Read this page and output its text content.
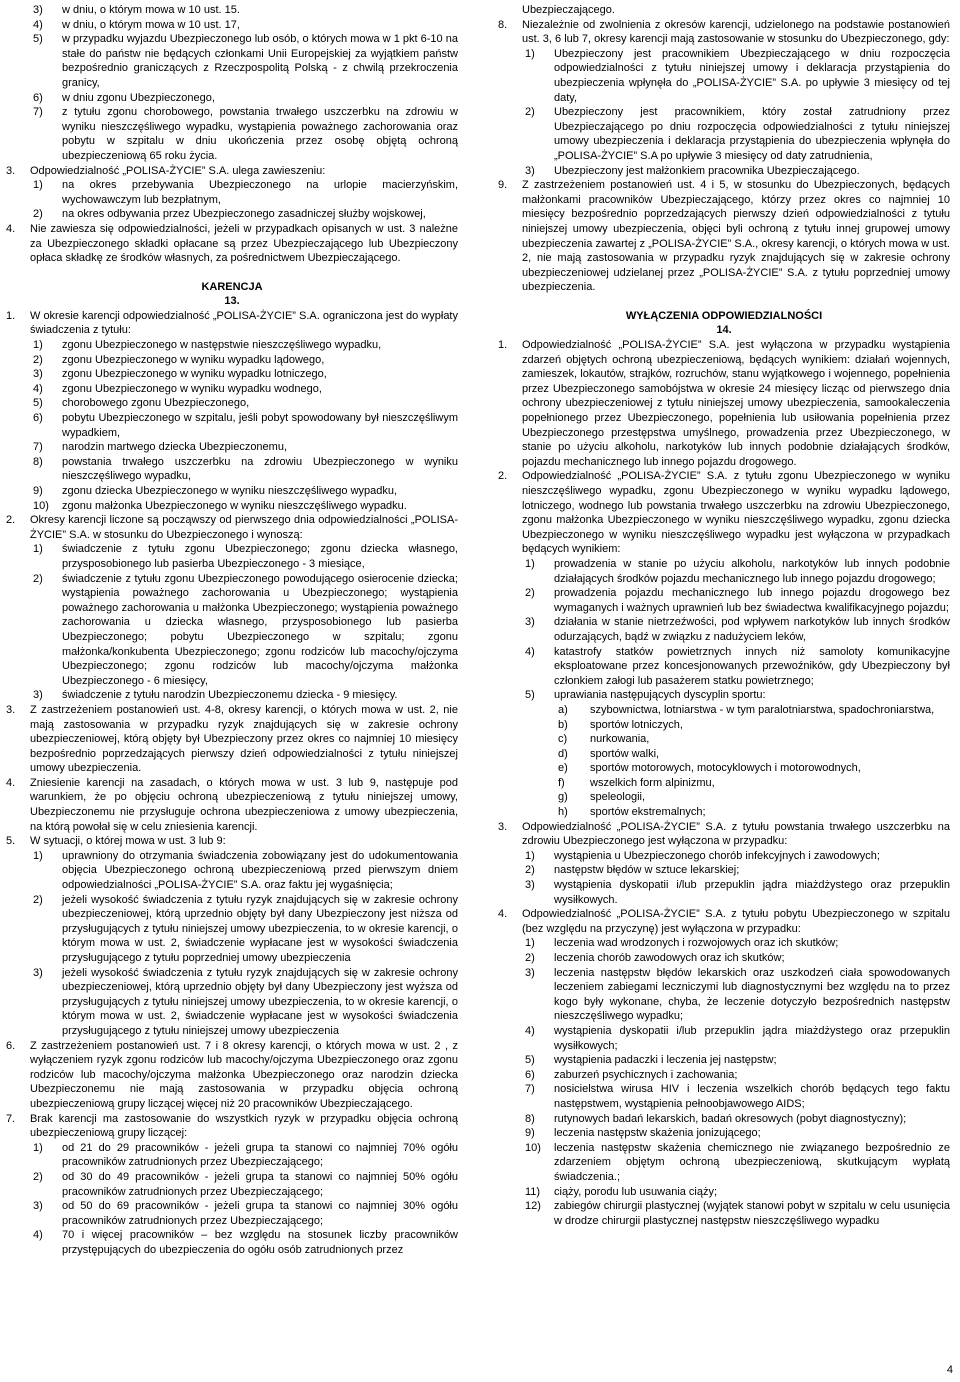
3) w dniu, o którym mowa w 10 ust. 15.
4) w dniu, o którym mowa w 10 ust. 17,
5) w przypadku wyjazdu Ubezpieczonego lub osób, o których mowa w 1 pkt 6-10 na stałe do państw nie będących członkami Unii Europejskiej za wyjątkiem państw bezpośrednio graniczących z Rzeczpospolitą Polską - z chwilą przekroczenia granicy,
6) w dniu zgonu Ubezpieczonego,
7) z tytułu zgonu chorobowego, powstania trwałego uszczerbku na zdrowiu w wyniku nieszczęśliwego wypadku, wystąpienia poważnego zachorowania oraz pobytu w szpitalu w dniu ukończenia przez osobę objętą ochroną ubezpieczeniową 65 roku życia.
3. Odpowiedzialność „POLISA-ŻYCIE” S.A. ulega zawieszeniu:
1) na okres przebywania Ubezpieczonego na urlopie macierzyńskim, wychowawczym lub bezpłatnym,
2) na okres odbywania przez Ubezpieczonego zasadniczej służby wojskowej,
4. Nie zawiesza się odpowiedzialności, jeżeli w przypadkach opisanych w ust. 3 należne za Ubezpieczonego składki opłacane są przez Ubezpieczającego lub Ubezpieczony opłaca składkę ze środków własnych, za pośrednictwem Ubezpieczającego.

KARENCJA

13.

1. W okresie karencji odpowiedzialność „POLISA-ŻYCIE” S.A. ograniczona jest do wypłaty świadczenia z tytułu:
1) zgonu Ubezpieczonego w następstwie nieszczęśliwego wypadku,
2) zgonu Ubezpieczonego w wyniku wypadku lądowego,
3) zgonu Ubezpieczonego w wyniku wypadku lotniczego,
4) zgonu Ubezpieczonego w wyniku wypadku wodnego,
5) chorobowego zgonu Ubezpieczonego,
6) pobytu Ubezpieczonego w szpitalu, jeśli pobyt spowodowany był nieszczęśliwym wypadkiem,
7) narodzin martwego dziecka Ubezpieczonemu,
8) powstania trwałego uszczerbku na zdrowiu Ubezpieczonego w wyniku nieszczęśliwego wypadku,
9) zgonu dziecka Ubezpieczonego w wyniku nieszczęśliwego wypadku,
10) zgonu małżonka Ubezpieczonego w wyniku nieszczęśliwego wypadku.
2. Okresy karencji liczone są począwszy od pierwszego dnia odpowiedzialności „POLISA-ŻYCIE” S.A. w stosunku do Ubezpieczonego i wynoszą:
1) świadczenie z tytułu zgonu Ubezpieczonego; zgonu dziecka własnego, przysposobionego lub pasierba Ubezpieczonego - 3 miesiące,
2) świadczenie z tytułu zgonu Ubezpieczonego powodującego osierocenie dziecka; wystąpienia poważnego zachorowania u Ubezpieczonego; wystąpienia poważnego zachorowania u małżonka Ubezpieczonego; wystąpienia poważnego zachorowania u dziecka własnego, przysposobionego lub pasierba Ubezpieczonego; pobytu Ubezpieczonego w szpitalu; zgonu małżonka/konkubenta Ubezpieczonego; zgonu rodziców lub macochy/ojczyma Ubezpieczonego; zgonu rodziców lub macochy/ojczyma małżonka Ubezpieczonego - 6 miesięcy,
3) świadczenie z tytułu narodzin Ubezpieczonemu dziecka - 9 miesięcy.
3. Z zastrzeżeniem postanowień ust. 4-8, okresy karencji, o których mowa w ust. 2, nie mają zastosowania w przypadku ryzyk znajdujących się w zakresie ochrony ubezpieczeniowej, którą objęty był Ubezpieczony przez okres co najmniej 10 miesięcy bezpośrednio poprzedzających pierwszy dzień odpowiedzialności z tytułu niniejszej umowy ubezpieczenia.
4. Zniesienie karencji na zasadach, o których mowa w ust. 3 lub 9, następuje pod warunkiem, że po objęciu ochroną ubezpieczeniową z tytułu niniejszej umowy, Ubezpieczonemu nie przysługuje ochrona ubezpieczeniowa z umowy ubezpieczenia, na którą powołał się w celu zniesienia karencji.
5. W sytuacji, o której mowa w ust. 3 lub 9:
1) uprawniony do otrzymania świadczenia zobowiązany jest do udokumentowania objęcia Ubezpieczonego ochroną ubezpieczeniową przed pierwszym dniem odpowiedzialności „POLISA-ŻYCIE” S.A. oraz faktu jej wygaśnięcia;
2) jeżeli wysokość świadczenia z tytułu ryzyk znajdujących się w zakresie ochrony ubezpieczeniowej, którą uprzednio objęty był dany Ubezpieczony jest niższa od przysługujących z tytułu niniejszej umowy ubezpieczenia, to w okresie karencji, o którym mowa w ust. 2, świadczenie wypłacane jest w wysokości świadczenia przysługującego z tytułu poprzedniej umowy ubezpieczenia
3) jeżeli wysokość świadczenia z tytułu ryzyk znajdujących się w zakresie ochrony ubezpieczeniowej, którą uprzednio objęty był dany Ubezpieczony jest wyższa od przysługujących z tytułu niniejszej umowy ubezpieczenia, to w okresie karencji, o którym mowa w ust. 2, świadczenie wypłacane jest w wysokości świadczenia przysługującego z tytułu niniejszej umowy ubezpieczenia
6. Z zastrzeżeniem postanowień ust. 7 i 8 okresy karencji, o których mowa w ust. 2 , z wyłączeniem ryzyk zgonu rodziców lub macochy/ojczyma Ubezpieczonego oraz zgonu rodziców lub macochy/ojczyma małżonka Ubezpieczonego oraz narodzin dziecka Ubezpieczonemu nie mają zastosowania w przypadku objęcia ochroną ubezpieczeniową grupy liczącej więcej niż 20 pracowników Ubezpieczającego.
7. Brak karencji ma zastosowanie do wszystkich ryzyk w przypadku objęcia ochroną ubezpieczeniową grupy liczącej:
1) od 21 do 29 pracowników - jeżeli grupa ta stanowi co najmniej 70% ogółu pracowników zatrudnionych przez Ubezpieczającego;
2) od 30 do 49 pracowników - jeżeli grupa ta stanowi co najmniej 50% ogółu pracowników zatrudnionych przez Ubezpieczającego;
3) od 50 do 69 pracowników - jeżeli grupa ta stanowi co najmniej 30% ogółu pracowników zatrudnionych przez Ubezpieczającego;
4) 70 i więcej pracowników – bez względu na stosunek liczby pracowników przystępujących do ubezpieczenia do ogółu osób zatrudnionych przez
Ubezpieczającego.
8. Niezależnie od zwolnienia z okresów karencji, udzielonego na podstawie postanowień ust. 3, 6 lub 7, okresy karencji mają zastosowanie w stosunku do Ubezpieczonego, gdy:
1) Ubezpieczony jest pracownikiem Ubezpieczającego w dniu rozpoczęcia odpowiedzialności z tytułu niniejszej umowy i deklaracja przystąpienia do ubezpieczenia wpłynęła do „POLISA-ŻYCIE” S.A. po upływie 3 miesięcy od tej daty,
2) Ubezpieczony jest pracownikiem, który został zatrudniony przez Ubezpieczającego po dniu rozpoczęcia odpowiedzialności z tytułu niniejszej umowy ubezpieczenia i deklaracja przystąpienia do ubezpieczenia wpłynęła do „POLISA-ŻYCIE” S.A po upływie 3 miesięcy od daty zatrudnienia,
3) Ubezpieczony jest małżonkiem pracownika Ubezpieczającego.
9. Z zastrzeżeniem postanowień ust. 4 i 5, w stosunku do Ubezpieczonych, będących małżonkami pracowników Ubezpieczającego, którzy przez okres co najmniej 10 miesięcy bezpośrednio poprzedzających pierwszy dzień odpowiedzialności z tytułu niniejszej umowy ubezpieczenia, objęci byli ochroną z tytułu innej grupowej umowy ubezpieczenia zawartej z „POLISA-ŻYCIE” S.A., okresy karencji, o których mowa w ust. 2, nie mają zastosowania w przypadku ryzyk znajdujących się w zakresie ochrony ubezpieczeniowej udzielanej przez „POLISA-ŻYCIE” S.A. z tytułu poprzedniej umowy ubezpieczenia.

WYŁĄCZENIA ODPOWIEDZIALNOŚCI

14.

1. Odpowiedzialność „POLISA-ŻYCIE” S.A. jest wyłączona w przypadku wystąpienia zdarzeń objętych ochroną ubezpieczeniową, będących wynikiem: działań wojennych, zamieszek, lokautów, strajków, rozruchów, stanu wyjątkowego i wojennego, popełnienia przez Ubezpieczonego samobójstwa w okresie 24 miesięcy licząc od pierwszego dnia ochrony ubezpieczeniowej z tytułu niniejszej umowy ubezpieczenia, samookaleczenia popełnionego przez Ubezpieczonego, popełnienia lub usiłowania popełnienia przez Ubezpieczonego przestępstwa umyślnego, prowadzenia przez Ubezpieczonego, w stanie po użyciu alkoholu, narkotyków lub innych podobnie działających środków, pojazdu mechanicznego lub innego pojazdu drogowego.
2. Odpowiedzialność „POLISA-ŻYCIE” S.A. z tytułu zgonu Ubezpieczonego w wyniku nieszczęśliwego wypadku, zgonu Ubezpieczonego w wyniku wypadku lądowego, lotniczego, wodnego lub powstania trwałego uszczerbku na zdrowiu Ubezpieczonego, zgonu małżonka Ubezpieczonego w wyniku nieszczęśliwego wypadku, zgonu dziecka Ubezpieczonego w wyniku nieszczęśliwego wypadku jest wyłączona w przypadkach będących wynikiem:
1) prowadzenia w stanie po użyciu alkoholu, narkotyków lub innych podobnie działających środków pojazdu mechanicznego lub innego pojazdu drogowego;
2) prowadzenia pojazdu mechanicznego lub innego pojazdu drogowego bez wymaganych i ważnych uprawnień lub bez świadectwa kwalifikacyjnego pojazdu;
3) działania w stanie nietrzeźwości, pod wpływem narkotyków lub innych środków odurzających, bądź w związku z nadużyciem leków,
4) katastrofy statków powietrznych innych niż samoloty komunikacyjne eksploatowane przez koncesjonowanych przewoźników, gdy Ubezpieczony był członkiem załogi lub pasażerem statku powietrznego;
5) uprawiania następujących dyscyplin sportu:
a) szybownictwa, lotniarstwa - w tym paralotniarstwa, spadochroniarstwa,
b) sportów lotniczych,
c) nurkowania,
d) sportów walki,
e) sportów motorowych, motocyklowych i motorowodnych,
f) wszelkich form alpinizmu,
g) speleologii,
h) sportów ekstremalnych;
3. Odpowiedzialność „POLISA-ŻYCIE” S.A. z tytułu powstania trwałego uszczerbku na zdrowiu Ubezpieczonego jest wyłączona w przypadku:
1) wystąpienia u Ubezpieczonego chorób infekcyjnych i zawodowych;
2) następstw błędów w sztuce lekarskiej;
3) wystąpienia dyskopatii i/lub przepuklin jądra miażdżystego oraz przepuklin wysiłkowych.
4. Odpowiedzialność „POLISA-ŻYCIE” S.A. z tytułu pobytu Ubezpieczonego w szpitalu (bez względu na przyczynę) jest wyłączona w przypadku:
1) leczenia wad wrodzonych i rozwojowych oraz ich skutków;
2) leczenia chorób zawodowych oraz ich skutków;
3) leczenia następstw błędów lekarskich oraz uszkodzeń ciała spowodowanych leczeniem zabiegami leczniczymi lub diagnostycznymi bez względu na to przez kogo były wykonane, chyba, że leczenie dotyczyło bezpośrednich następstw nieszczęśliwego wypadku;
4) wystąpienia dyskopatii i/lub przepuklin jądra miażdżystego oraz przepuklin wysiłkowych;
5) wystąpienia padaczki i leczenia jej następstw;
6) zaburzeń psychicznych i zachowania;
7) nosicielstwa wirusa HIV i leczenia wszelkich chorób będących tego faktu następstwem, wystąpienia pełnoobjawowego AIDS;
8) rutynowych badań lekarskich, badań okresowych (pobyt diagnostyczny);
9) leczenia następstw skażenia jonizującego;
10) leczenia następstw skażenia chemicznego nie związanego bezpośrednio ze zdarzeniem objętym ochroną ubezpieczeniową, skutkującym wypłatą świadczenia.;
11) ciąży, porodu lub usuwania ciąży;
12) zabiegów chirurgii plastycznej (wyjątek stanowi pobyt w szpitalu w celu usunięcia w drodze chirurgii plastycznej następstw nieszczęśliwego wypadku
4
